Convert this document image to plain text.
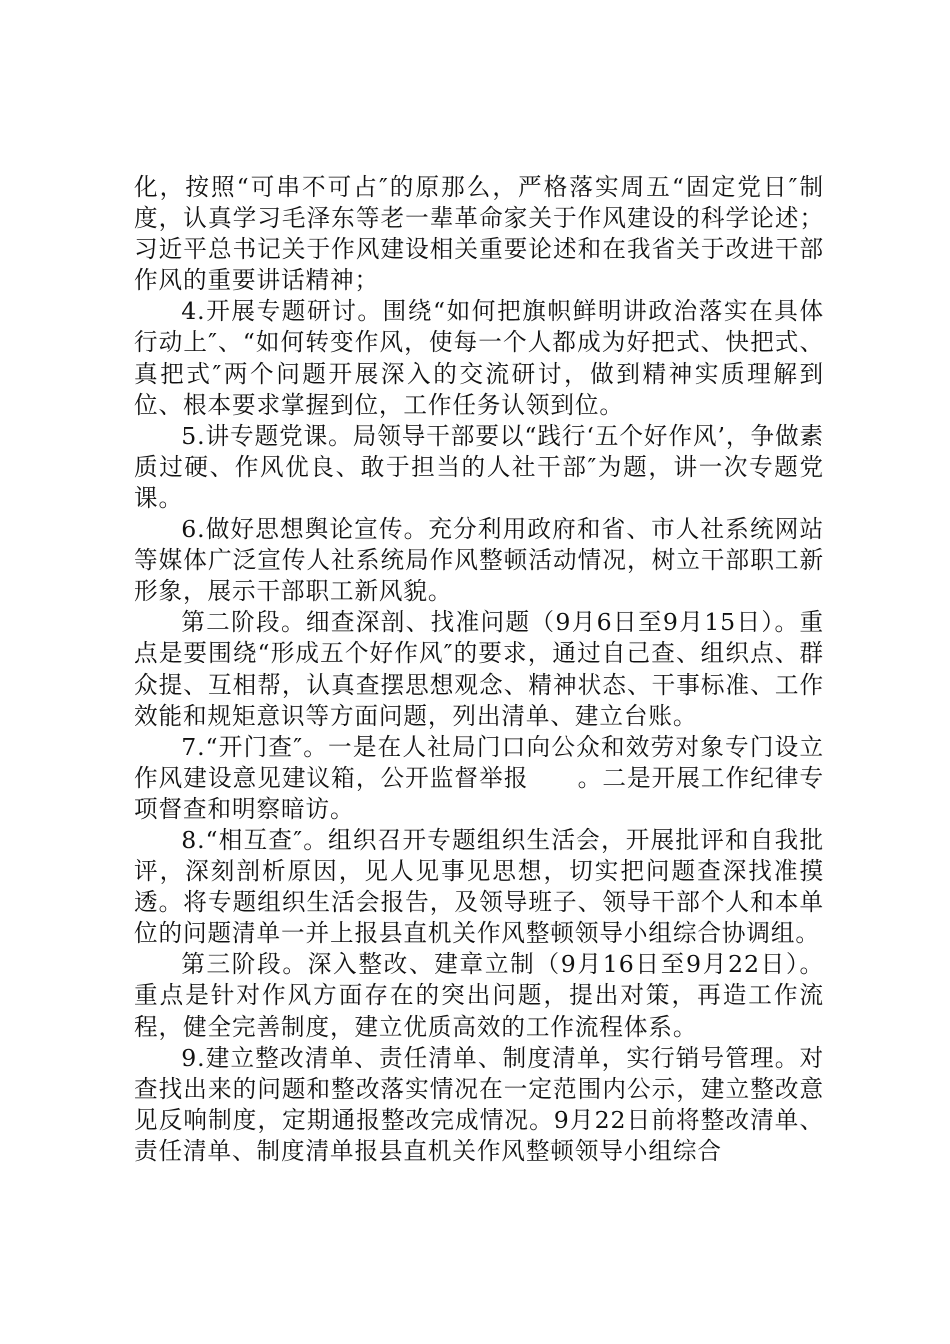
化，按照“可串不可占″的原那么，严格落实周五“固定党日″制度，认真学习毛泽东等老一辈革命家关于作风建设的科学论述；习近平总书记关于作风建设相关重要论述和在我省关于改进干部作风的重要讲话精神；

4.开展专题研讨。围绕“如何把旗帜鲜明讲政治落实在具体行动上″、“如何转变作风，使每一个人都成为好把式、快把式、真把式″两个问题开展深入的交流研讨，做到精神实质理解到位、根本要求掌握到位，工作任务认领到位。

5.讲专题党课。局领导干部要以“践行‘五个好作风’，争做素质过硬、作风优良、敢于担当的人社干部″为题，讲一次专题党课。

6.做好思想舆论宣传。充分利用政府和省、市人社系统网站等媒体广泛宣传人社系统局作风整顿活动情况，树立干部职工新形象，展示干部职工新风貌。

第二阶段。细查深剖、找准问题（9月6日至9月15日）。重点是要围绕“形成五个好作风″的要求，通过自己查、组织点、群众提、互相帮，认真查摆思想观念、精神状态、干事标准、工作效能和规矩意识等方面问题，列出清单、建立台账。

7.“开门查″。一是在人社局门口向公众和效劳对象专门设立作风建设意见建议箱，公开监督举报　　。二是开展工作纪律专项督查和明察暗访。

8.“相互查″。组织召开专题组织生活会，开展批评和自我批评，深刻剖析原因，见人见事见思想，切实把问题查深找准摸透。将专题组织生活会报告，及领导班子、领导干部个人和本单位的问题清单一并上报县直机关作风整顿领导小组综合协调组。

第三阶段。深入整改、建章立制（9月16日至9月22日）。重点是针对作风方面存在的突出问题，提出对策，再造工作流程，健全完善制度，建立优质高效的工作流程体系。

9.建立整改清单、责任清单、制度清单，实行销号管理。对查找出来的问题和整改落实情况在一定范围内公示，建立整改意见反响制度，定期通报整改完成情况。9月22日前将整改清单、责任清单、制度清单报县直机关作风整顿领导小组综合
